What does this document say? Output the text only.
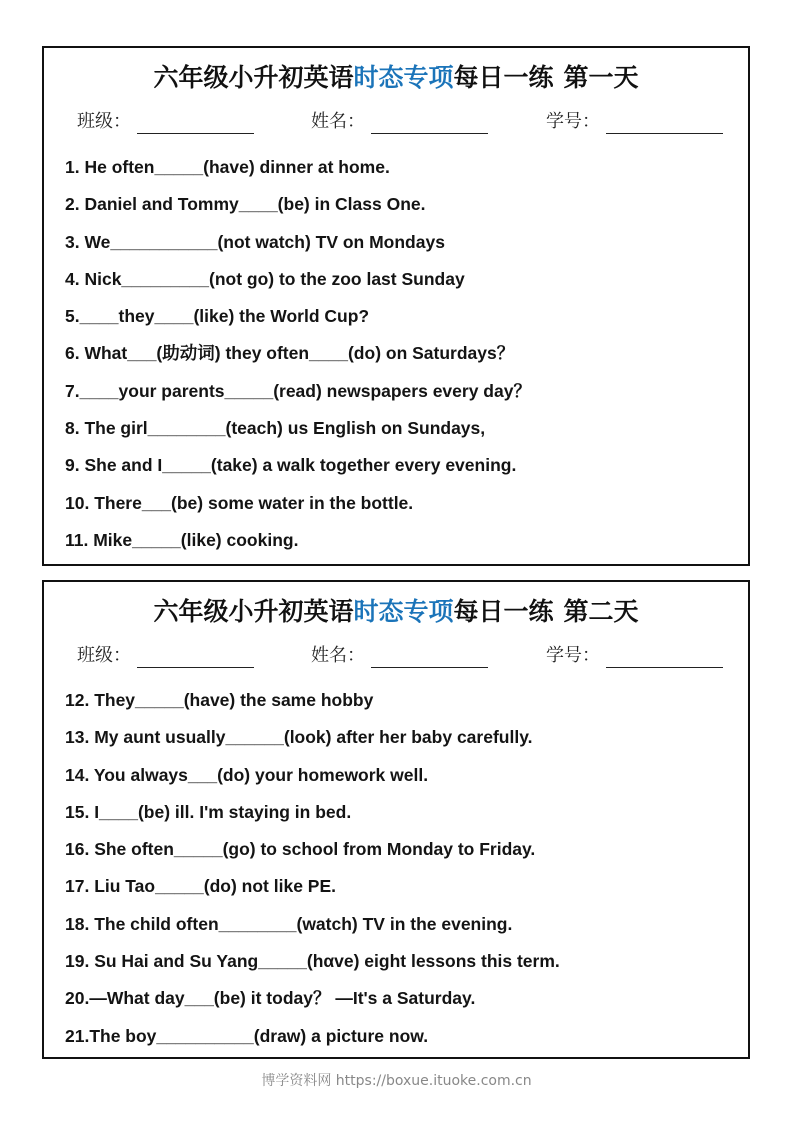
六年级小升初英语时态专项每日一练 第一天
班级：	姓名：	学号：
1. He often_____(have) dinner at home.
2. Daniel and Tommy____(be) in Class One.
3. We___________(not watch) TV on Mondays
4. Nick_________(not go) to the zoo last Sunday
5.____they____(like) the World Cup?
6. What___(助动词) they often____(do) on Saturdays？
7.____your parents_____(read) newspapers every day？
8. The girl________(teach) us English on Sundays,
9. She and I_____(take) a walk together every evening.
10. There___(be) some water in the bottle.
11. Mike_____(like) cooking.
六年级小升初英语时态专项每日一练 第二天
班级：	姓名：	学号：
12. They_____(have) the same hobby
13. My aunt usually______(look) after her baby carefully.
14. You always___(do) your homework well.
15. I____(be) ill. I'm staying in bed.
16. She often_____(go) to school from Monday to Friday.
17. Liu Tao_____(do) not like PE.
18. The child often________(watch) TV in the evening.
19. Su Hai and Su Yang_____(hαve) eight lessons this term.
20.—What day___(be) it today？ —It's a Saturday.
21.The boy__________(draw) a picture now.
博学资料网 https://boxue.ituoke.com.cn
